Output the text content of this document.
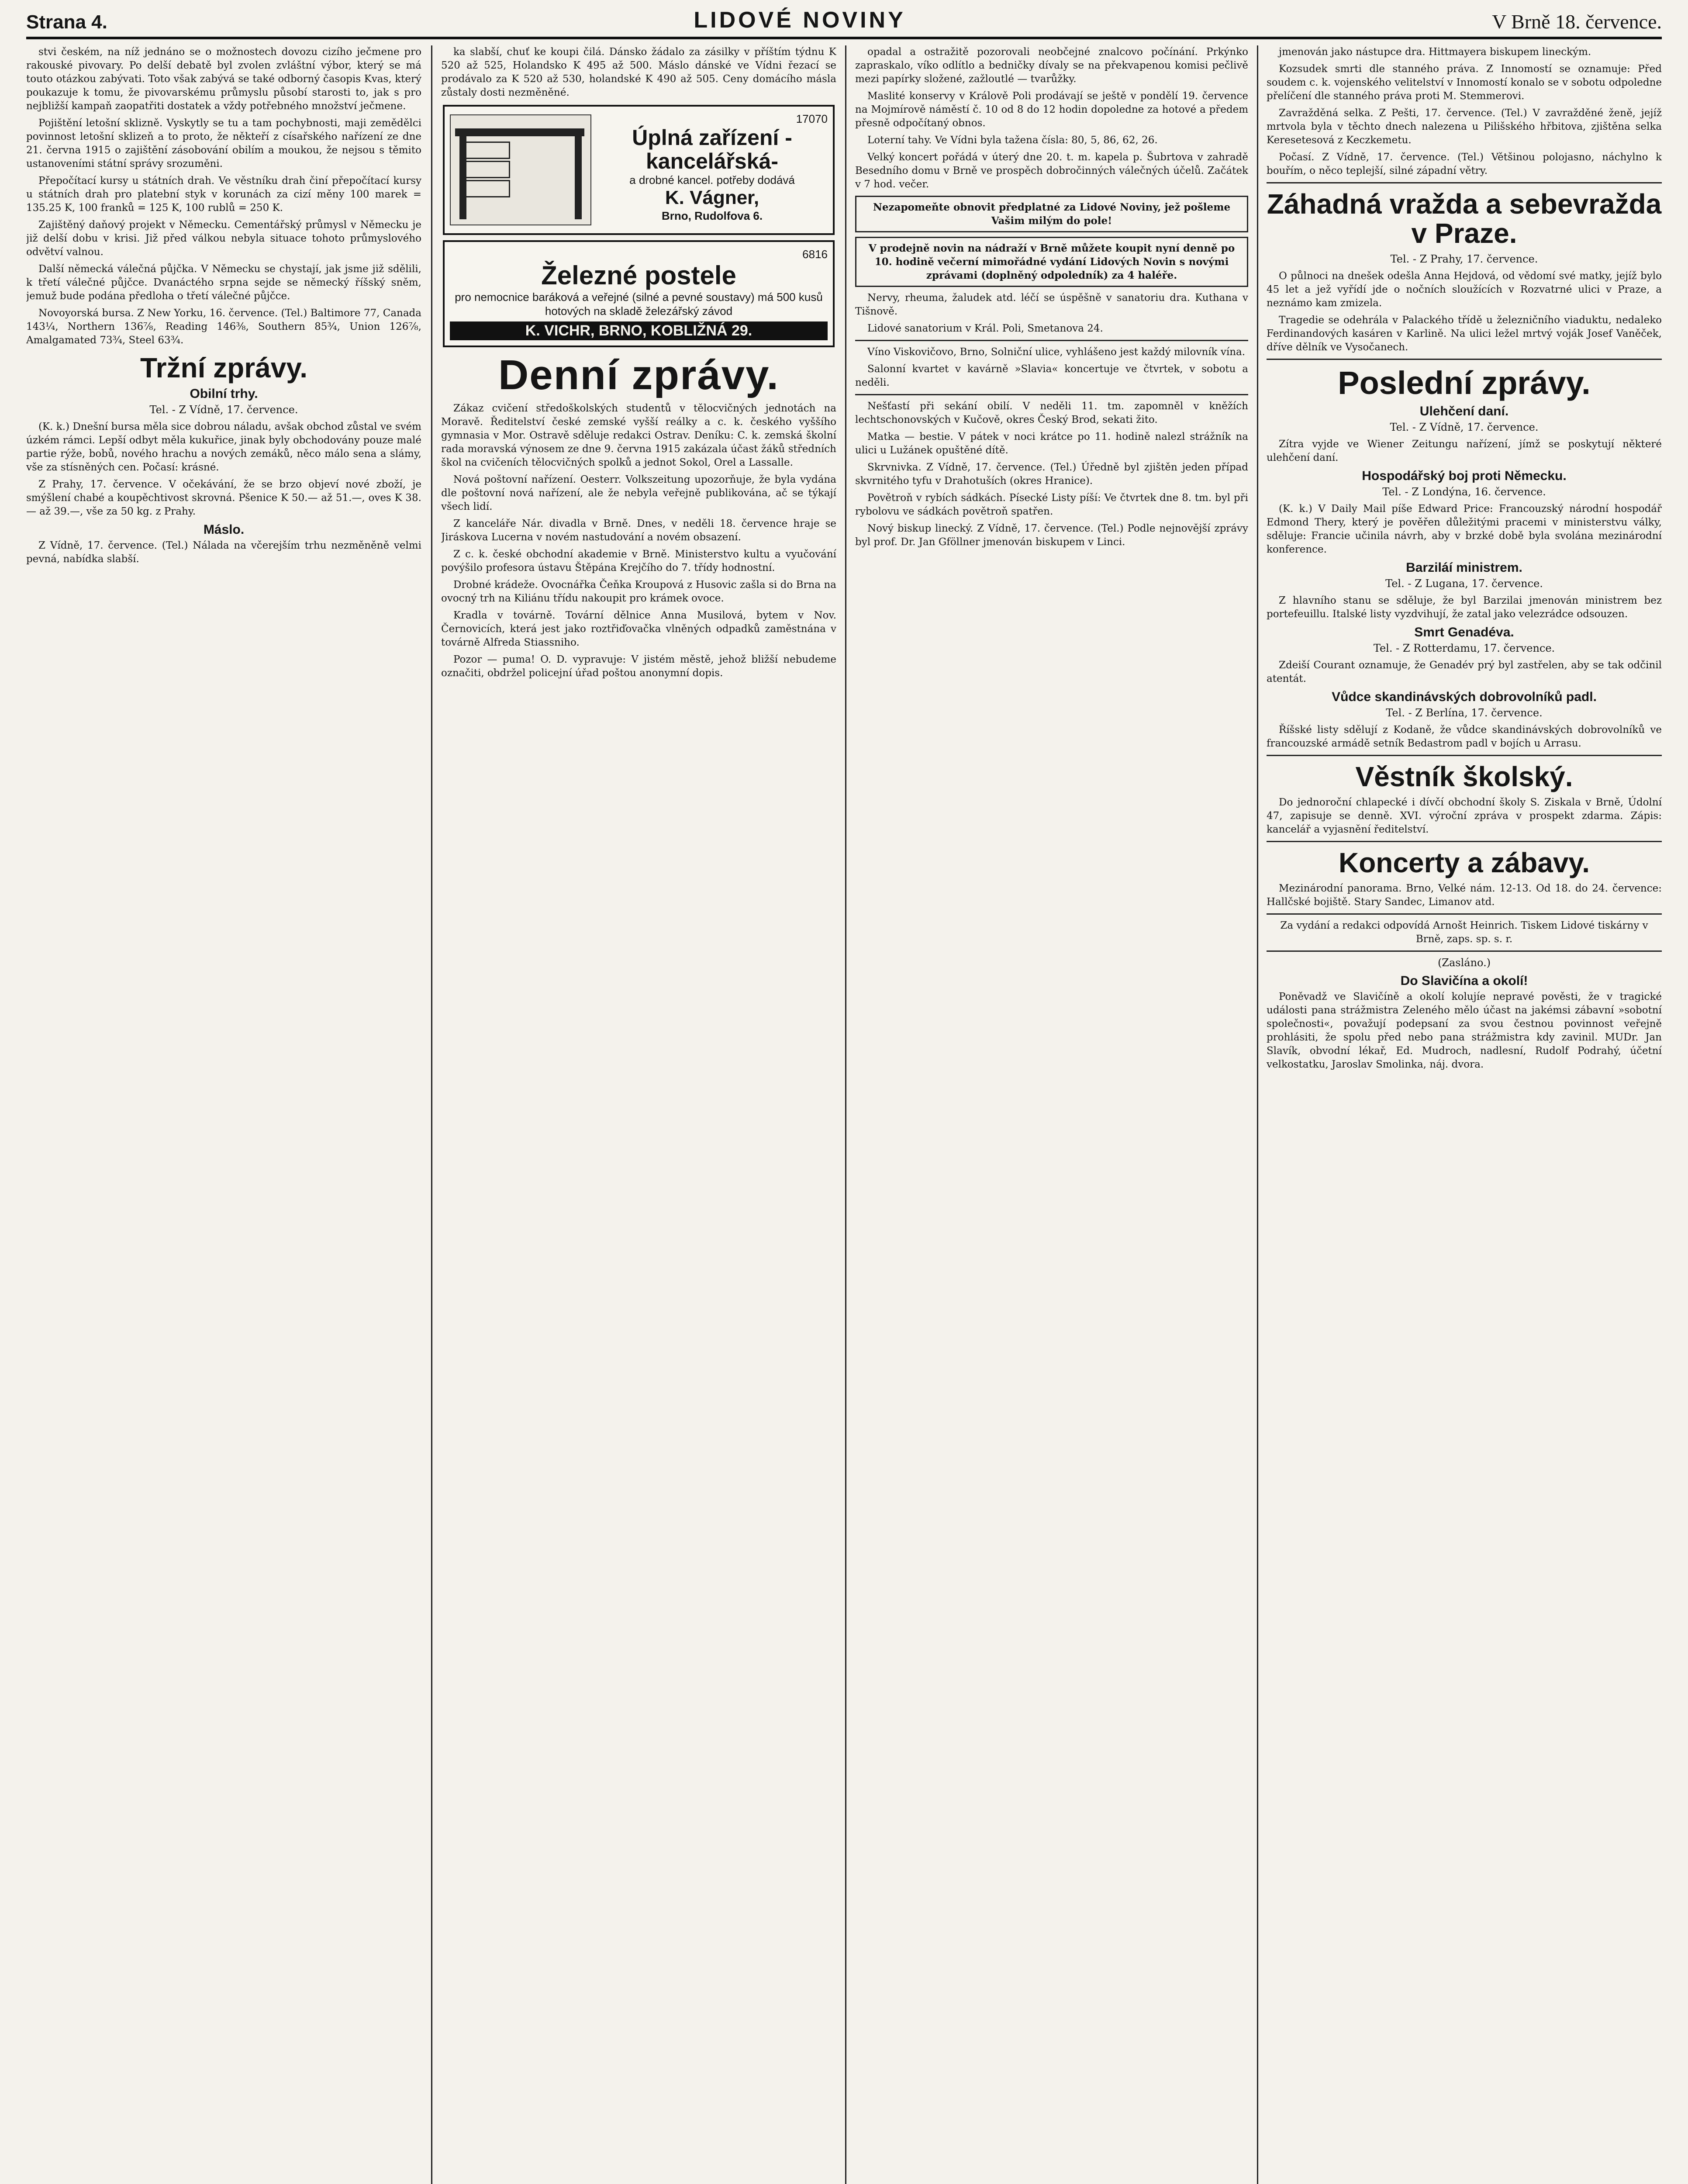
Strana 4.	LIDOVÉ NOVINY	V Brně 18. července.

stvi českém, na níž jednáno se o možnostech dovozu cizího ječmene pro rakouské pivovary. Po delší debatě byl zvolen zvláštní výbor, který se má touto otázkou zabývati. Toto však zabývá se také odborný časopis Kvas, který poukazuje k tomu, že pivovarskému průmyslu působí starosti to, jak s pro nejbližší kampaň zaopatřiti dostatek a vždy potřebného množství ječmene.

Pojištění letošní sklizně. Vyskytly se tu a tam pochybnosti, maji zemědělci povinnost letošní sklizeň a to proto, že někteří z císařského nařízení ze dne 21. června 1915 o zajištění zásobování obilím a moukou, že nejsou s těmito ustanoveními státní správy srozuměni.

Přepočítací kursy u státních drah. Ve věstníku drah činí přepočítací kursy u státních drah pro platební styk v korunách za cizí měny 100 marek = 135.25 K, 100 franků = 125 K, 100 rublů = 250 K.

Zajištěný daňový projekt v Německu. Cementářský průmysl v Německu je již delší dobu v krisi. Již před válkou nebyla situace tohoto průmyslového odvětví valnou.

Další německá válečná půjčka. V Německu se chystají, jak jsme již sdělili, k třetí válečné půjčce. Dvanáctého srpna sejde se německý říšský sněm, jemuž bude podána předloha o třetí válečné půjčce.

Novoyorská bursa. Z New Yorku, 16. července. (Tel.) Baltimore 77, Canada 143¼, Northern 136⅞, Reading 146⅜, Southern 85¾, Union 126⅞, Amalgamated 73¾, Steel 63¾.

Tržní zprávy.
Obilní trhy.
Tel. - Z Vídně, 17. července.

(K. k.) Dnešní bursa měla sice dobrou náladu, avšak obchod zůstal ve svém úzkém rámci. Lepší odbyt měla kukuřice, jinak byly obchodovány pouze malé partie rýže, bobů, nového hrachu a nových zemáků, něco málo sena a slámy, vše za stísněných cen. Počasí: krásné.

Z Prahy, 17. července. V očekávání, že se brzo objeví nové zboží, je smýšlení chabé a koupěchtivost skrovná. Pšenice K 50.— až 51.—, oves K 38.— až 39.—, vše za 50 kg. z Prahy.

Máslo.

Z Vídně, 17. července. (Tel.) Nálada na včerejším trhu nezměněně velmi pevná, nabídka slabší.

ka slabší, chuť ke koupi čilá. Dánsko žádalo za zásilky v příštím týdnu K 520 až 525, Holandsko K 495 až 500. Máslo dánské ve Vídni řezací se prodávalo za K 520 až 530, holandské K 490 až 505. Ceny domácího másla zůstaly dosti nezměněné.

17070
Úplná zařízení -kancelářská-
a drobné kancel. potřeby dodává
K. Vágner,
Brno, Rudolfova 6.
6816
Železné postele
pro nemocnice baráková a veřejné (silné a pevné soustavy) má 500 kusů hotových na skladě železářský závod
K. VICHR, BRNO, KOBLIŽNÁ 29.
Denní zprávy.

Zákaz cvičení středoškolských studentů v tělocvičných jednotách na Moravě. Ředitelství české zemské vyšší reálky a c. k. českého vyššího gymnasia v Mor. Ostravě sděluje redakci Ostrav. Deníku: C. k. zemská školní rada moravská výnosem ze dne 9. června 1915 zakázala účast žáků středních škol na cvičeních tělocvičných spolků a jednot Sokol, Orel a Lassalle.

Nová poštovní nařízení. Oesterr. Volkszeitung upozorňuje, že byla vydána dle poštovní nová nařízení, ale že nebyla veřejně publikována, ač se týkají všech lidí.

Z kanceláře Nár. divadla v Brně. Dnes, v neděli 18. července hraje se Jiráskova Lucerna v novém nastudování a novém obsazení.

Z c. k. české obchodní akademie v Brně. Ministerstvo kultu a vyučování povýšilo profesora ústavu Štěpána Krejčího do 7. třídy hodnostní.

Drobné krádeže. Ovocnářka Čeňka Kroupová z Husovic zašla si do Brna na ovocný trh na Kiliánu třídu nakoupit pro krámek ovoce.

Kradla v továrně. Tovární dělnice Anna Musilová, bytem v Nov. Černovicích, která jest jako roztřiďovačka vlněných odpadků zaměstnána v továrně Alfreda Stiassniho.

Pozor — puma! O. D. vypravuje: V jistém městě, jehož bližší nebudeme označiti, obdržel policejní úřad poštou anonymní dopis.

opadal a ostražitě pozorovali neobčejné znalcovo počínání. Prkýnko zapraskalo, víko odlítlo a bedničky dívaly se na překvapenou komisi pečlivě mezi papírky složené, zažloutlé — tvarůžky.

Maslité konservy v Králově Poli prodávají se ještě v pondělí 19. července na Mojmírově náměstí č. 10 od 8 do 12 hodin dopoledne za hotové a předem přesně odpočítaný obnos.

Loterní tahy. Ve Vídni byla tažena čísla: 80, 5, 86, 62, 26.

Velký koncert pořádá v úterý dne 20. t. m. kapela p. Šubrtova v zahradě Besedního domu v Brně ve prospěch dobročinných válečných účelů. Začátek v 7 hod. večer.

Nezapomeňte obnovit předplatné za Lidové Noviny, jež pošleme Vašim milým do pole!
V prodejně novin na nádraží v Brně můžete koupit nyní denně po 10. hodině večerní mimořádné vydání Lidových Novin s novými zprávami (doplněný odpoledník) za 4 haléře.

Nervy, rheuma, žaludek atd. léčí se úspěšně v sanatoriu dra. Kuthana v Tišnově.

Lidové sanatorium v Král. Poli, Smetanova 24.

Víno Viskovičovo, Brno, Solniční ulice, vyhlášeno jest každý milovník vína.

Salonní kvartet v kavárně »Slavia« koncertuje ve čtvrtek, v sobotu a neděli.

Nešťastí při sekání obilí. V neděli 11. tm. zapomněl v kněžích lechtschonovských v Kučově, okres Český Brod, sekati žito.

Matka — bestie. V pátek v noci krátce po 11. hodině nalezl strážník na ulici u Lužánek opuštěné dítě.

Skrvnivka. Z Vídně, 17. července. (Tel.) Úředně byl zjištěn jeden případ skvrnitého tyfu v Drahotuších (okres Hranice).

Povětroň v rybích sádkách. Písecké Listy píší: Ve čtvrtek dne 8. tm. byl při rybolovu ve sádkách povětroň spatřen.

Nový biskup linecký. Z Vídně, 17. července. (Tel.) Podle nejnovější zprávy byl prof. Dr. Jan Gföllner jmenován biskupem v Linci.

jmenován jako nástupce dra. Hittmayera biskupem lineckým.

Kozsudek smrti dle stanného práva. Z Innomostí se oznamuje: Před soudem c. k. vojenského velitelství v Innomostí konalo se v sobotu odpoledne přelíčení dle stanného práva proti M. Stemmerovi.

Zavražděná selka. Z Pešti, 17. července. (Tel.) V zavražděné ženě, jejíž mrtvola byla v těchto dnech nalezena u Pilišského hřbitova, zjištěna selka Keresetesová z Keczkemetu.

Počasí. Z Vídně, 17. července. (Tel.) Většinou polojasno, náchylno k bouřím, o něco teplejší, silné západní větry.

Záhadná vražda a sebevražda v Praze.
Tel. - Z Prahy, 17. července.

O půlnoci na dnešek odešla Anna Hejdová, od vědomí své matky, jejíž bylo 45 let a jež vyřídí jde o nočních sloužících v Rozvatrné ulici v Praze, a neznámo kam zmizela.

Tragedie se odehrála v Palackého třídě u železničního viaduktu, nedaleko Ferdinandových kasáren v Karlině. Na ulici ležel mrtvý voják Josef Vaněček, dříve dělník ve Vysočanech.

Poslední zprávy.
Ulehčení daní.
Tel. - Z Vídně, 17. července.

Zítra vyjde ve Wiener Zeitungu nařízení, jímž se poskytují některé ulehčení daní.

Hospodářský boj proti Německu.
Tel. - Z Londýna, 16. července.

(K. k.) V Daily Mail píše Edward Price: Francouzský národní hospodář Edmond Thery, který je pověřen důležitými pracemi v ministerstvu války, sděluje: Francie učinila návrh, aby v brzké době byla svolána mezinárodní konference.

Barziláí ministrem.
Tel. - Z Lugana, 17. července.

Z hlavního stanu se sděluje, že byl Barzilai jmenován ministrem bez portefeuillu. Italské listy vyzdvihují, že zatal jako velezrádce odsouzen.

Smrt Genadéva.
Tel. - Z Rotterdamu, 17. července.

Zdeiší Courant oznamuje, že Genadév prý byl zastřelen, aby se tak odčinil atentát.

Vůdce skandinávských dobrovolníků padl.
Tel. - Z Berlína, 17. července.

Říšské listy sdělují z Kodaně, že vůdce skandinávských dobrovolníků ve francouzské armádě setník Bedastrom padl v bojích u Arrasu.

Věstník školský.

Do jednoroční chlapecké i dívčí obchodní školy S. Ziskala v Brně, Údolní 47, zapisuje se denně. XVI. výroční zpráva v prospekt zdarma. Zápis: kancelář a vyjasnění ředitelství.

Koncerty a zábavy.

Mezinárodní panorama. Brno, Velké nám. 12-13. Od 18. do 24. července: Hallčské bojiště. Stary Sandec, Limanov atd.

Za vydání a redakci odpovídá Arnošt Heinrich. Tiskem Lidové tiskárny v Brně, zaps. sp. s. r.

(Zasláno.)
Do Slavičína a okolí!

Poněvadž ve Slavičíně a okolí kolujíe nepravé pověsti, že v tragické události pana strážmistra Zeleného mělo účast na jakémsi zábavní »sobotní společnosti«, považují podepsaní za svou čestnou povinnost veřejně prohlásiti, že spolu před nebo pana strážmistra kdy zavinil. MUDr. Jan Slavík, obvodní lékař, Ed. Mudroch, nadlesní, Rudolf Podrahý, účetní velkostatku, Jaroslav Smolinka, náj. dvora.
